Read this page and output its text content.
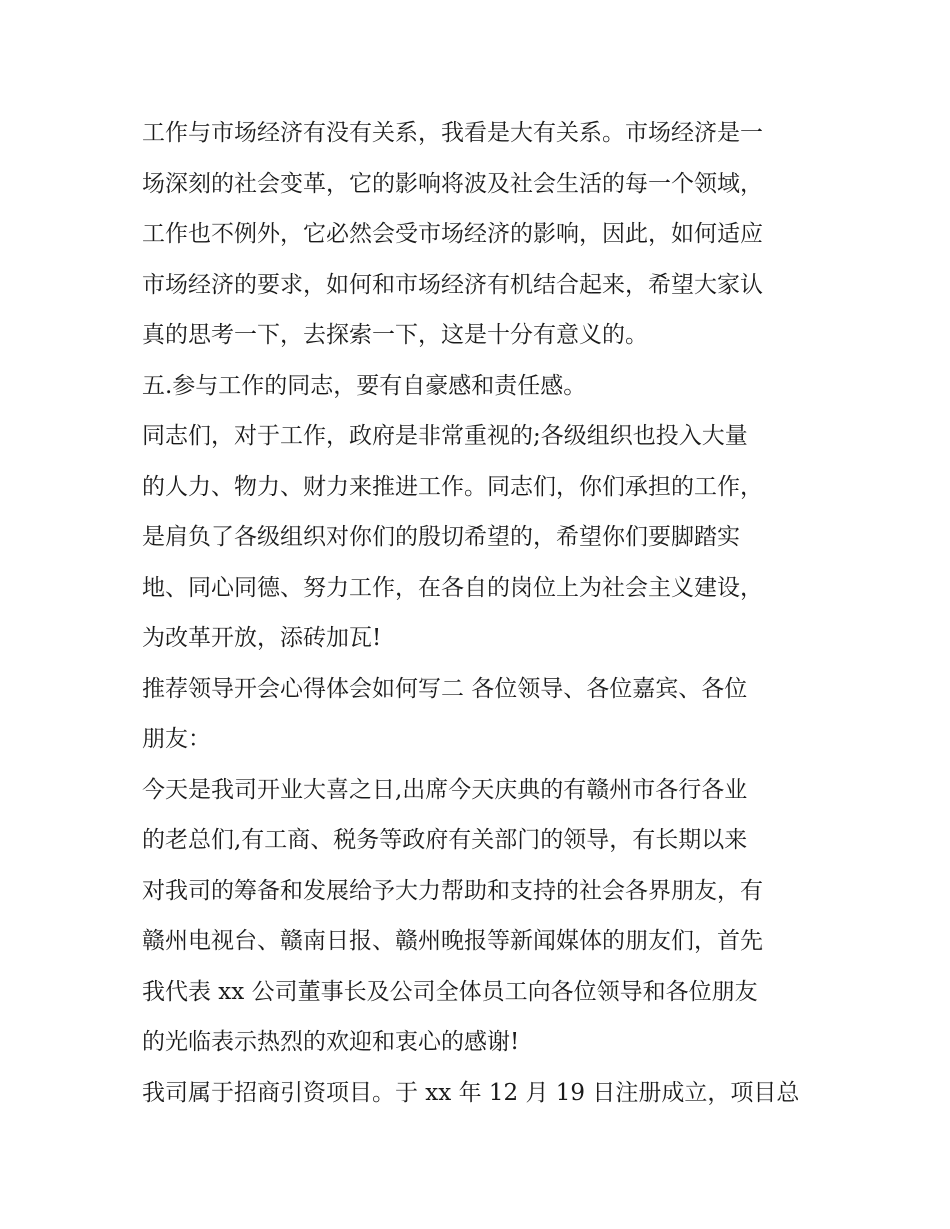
工作与市场经济有没有关系，我看是大有关系。市场经济是一
场深刻的社会变革，它的影响将波及社会生活的每一个领域，
工作也不例外，它必然会受市场经济的影响，因此，如何适应
市场经济的要求，如何和市场经济有机结合起来，希望大家认
真的思考一下，去探索一下，这是十分有意义的。
五.参与工作的同志，要有自豪感和责任感。
同志们，对于工作，政府是非常重视的;各级组织也投入大量
的人力、物力、财力来推进工作。同志们，你们承担的工作，
是肩负了各级组织对你们的殷切希望的，希望你们要脚踏实
地、同心同德、努力工作，在各自的岗位上为社会主义建设，
为改革开放，添砖加瓦!
推荐领导开会心得体会如何写二 各位领导、各位嘉宾、各位
朋友：
今天是我司开业大喜之日,出席今天庆典的有赣州市各行各业
的老总们,有工商、税务等政府有关部门的领导，有长期以来
对我司的筹备和发展给予大力帮助和支持的社会各界朋友，有
赣州电视台、赣南日报、赣州晚报等新闻媒体的朋友们，首先
我代表 xx 公司董事长及公司全体员工向各位领导和各位朋友
的光临表示热烈的欢迎和衷心的感谢!
我司属于招商引资项目。于 xx 年 12 月 19 日注册成立，项目总
